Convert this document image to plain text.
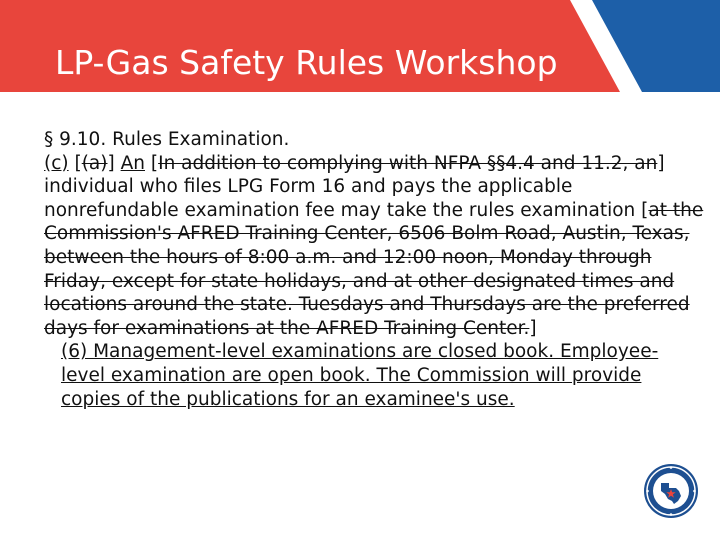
LP-Gas Safety Rules Workshop

§ 9.10. Rules Examination.

(c) [(a)] An [In addition to complying with NFPA §§4.4 and 11.2, an]

individual who files LPG Form 16 and pays the applicable

nonrefundable examination fee may take the rules examination [at the

Commission's AFRED Training Center, 6506 Bolm Road, Austin, Texas,

between the hours of 8:00 a.m. and 12:00 noon, Monday through

Friday, except for state holidays, and at other designated times and

locations around the state. Tuesdays and Thursdays are the preferred

days for examinations at the AFRED Training Center.]

(6) Management-level examinations are closed book. Employee-

level examination are open book. The Commission will provide

copies of the publications for an examinee's use.
